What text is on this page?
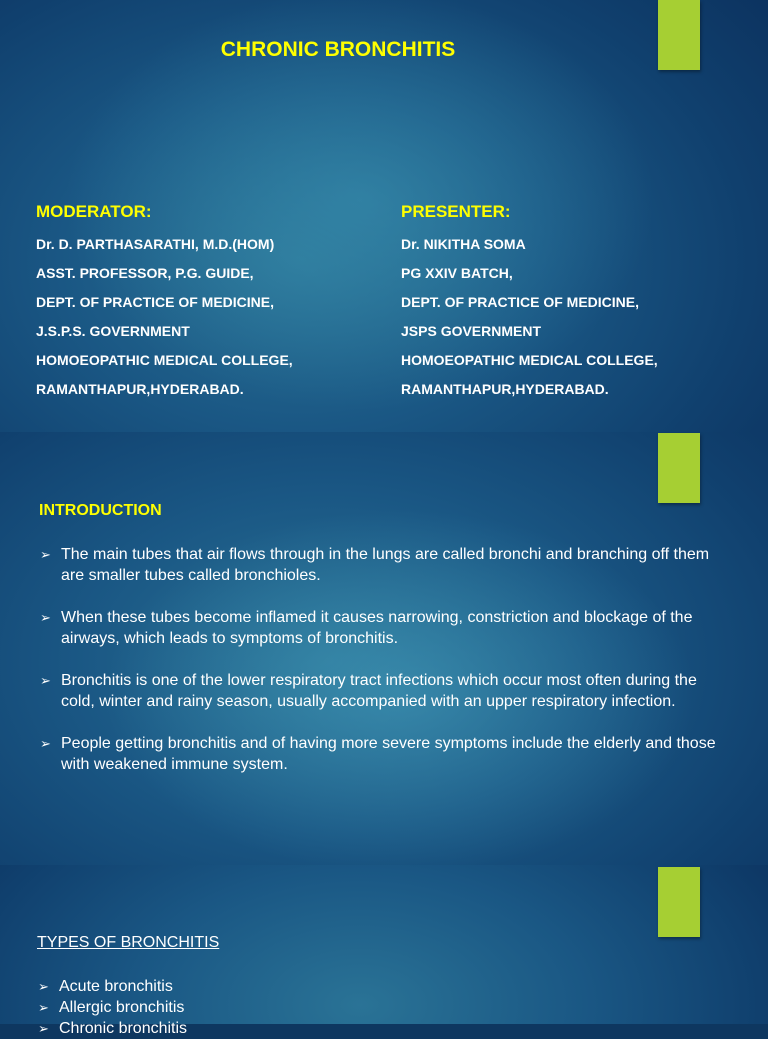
CHRONIC BRONCHITIS
MODERATOR:
Dr. D. PARTHASARATHI, M.D.(HOM)
ASST. PROFESSOR, P.G. GUIDE,
DEPT. OF PRACTICE OF MEDICINE,
J.S.P.S. GOVERNMENT
HOMOEOPATHIC MEDICAL COLLEGE,
RAMANTHAPUR,HYDERABAD.
PRESENTER:
Dr. NIKITHA SOMA
PG XXIV BATCH,
DEPT. OF PRACTICE OF MEDICINE,
JSPS GOVERNMENT
HOMOEOPATHIC MEDICAL COLLEGE,
RAMANTHAPUR,HYDERABAD.
INTRODUCTION
➢ The main tubes that air flows through in the lungs are called bronchi and branching off them are smaller tubes called bronchioles.
➢ When these tubes become inflamed it causes narrowing, constriction and blockage of the airways, which leads to symptoms of bronchitis.
➢ Bronchitis is one of the lower respiratory tract infections which occur most often during the cold, winter and rainy season, usually accompanied with an upper respiratory infection.
➢ People getting bronchitis and of having more severe symptoms include the elderly and those with weakened immune system.
TYPES OF BRONCHITIS
➢ Acute bronchitis
➢ Allergic bronchitis
➢ Chronic bronchitis
